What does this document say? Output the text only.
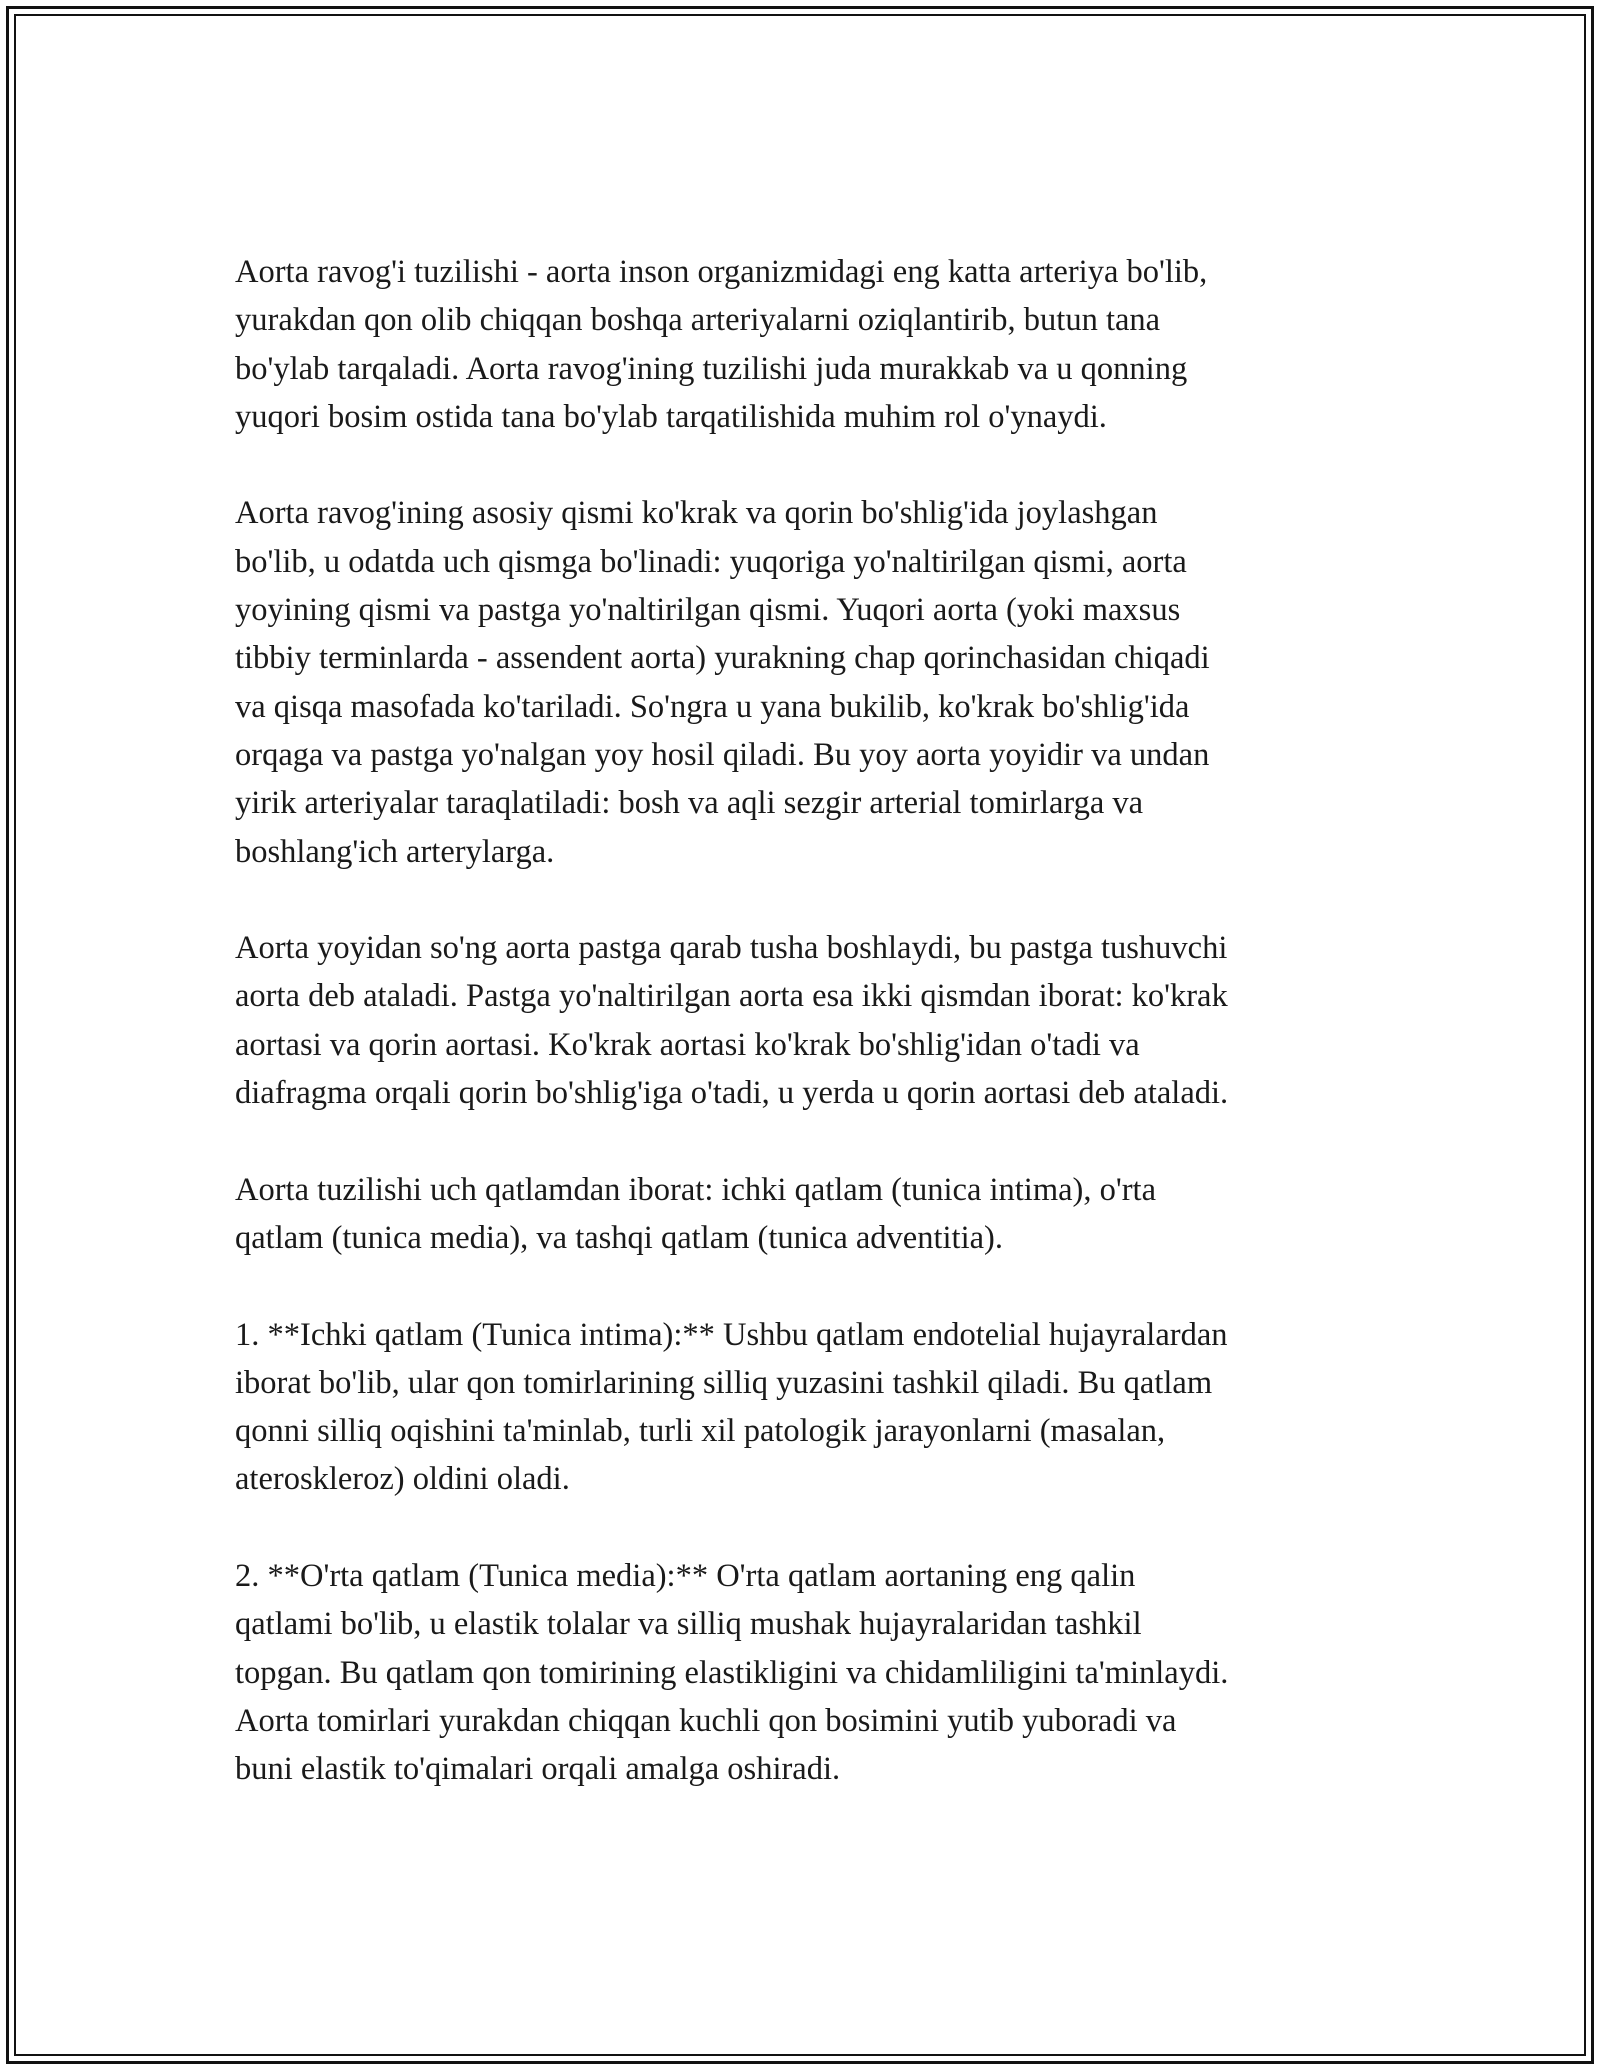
Aorta ravog'i tuzilishi - aorta inson organizmidagi eng katta arteriya bo'lib,
yurakdan qon olib chiqqan boshqa arteriyalarni oziqlantirib, butun tana
bo'ylab tarqaladi. Aorta ravog'ining tuzilishi juda murakkab va u qonning
yuqori bosim ostida tana bo'ylab tarqatilishida muhim rol o'ynaydi.

Aorta ravog'ining asosiy qismi ko'krak va qorin bo'shlig'ida joylashgan
bo'lib, u odatda uch qismga bo'linadi: yuqoriga yo'naltirilgan qismi, aorta
yoyining qismi va pastga yo'naltirilgan qismi. Yuqori aorta (yoki maxsus
tibbiy terminlarda - assendent aorta) yurakning chap qorinchasidan chiqadi
va qisqa masofada ko'tariladi. So'ngra u yana bukilib, ko'krak bo'shlig'ida
orqaga va pastga yo'nalgan yoy hosil qiladi. Bu yoy aorta yoyidir va undan
yirik arteriyalar taraqlatiladi: bosh va aqli sezgir arterial tomirlarga va
boshlang'ich arterylarga.

Aorta yoyidan so'ng aorta pastga qarab tusha boshlaydi, bu pastga tushuvchi
aorta deb ataladi. Pastga yo'naltirilgan aorta esa ikki qismdan iborat: ko'krak
aortasi va qorin aortasi. Ko'krak aortasi ko'krak bo'shlig'idan o'tadi va
diafragma orqali qorin bo'shlig'iga o'tadi, u yerda u qorin aortasi deb ataladi.

Aorta tuzilishi uch qatlamdan iborat: ichki qatlam (tunica intima), o'rta
qatlam (tunica media), va tashqi qatlam (tunica adventitia).

1. **Ichki qatlam (Tunica intima):** Ushbu qatlam endotelial hujayralardan
iborat bo'lib, ular qon tomirlarining silliq yuzasini tashkil qiladi. Bu qatlam
qonni silliq oqishini ta'minlab, turli xil patologik jarayonlarni (masalan,
ateroskleroz) oldini oladi.

2. **O'rta qatlam (Tunica media):** O'rta qatlam aortaning eng qalin
qatlami bo'lib, u elastik tolalar va silliq mushak hujayralaridan tashkil
topgan. Bu qatlam qon tomirining elastikligini va chidamliligini ta'minlaydi.
Aorta tomirlari yurakdan chiqqan kuchli qon bosimini yutib yuboradi va
buni elastik to'qimalari orqali amalga oshiradi.
